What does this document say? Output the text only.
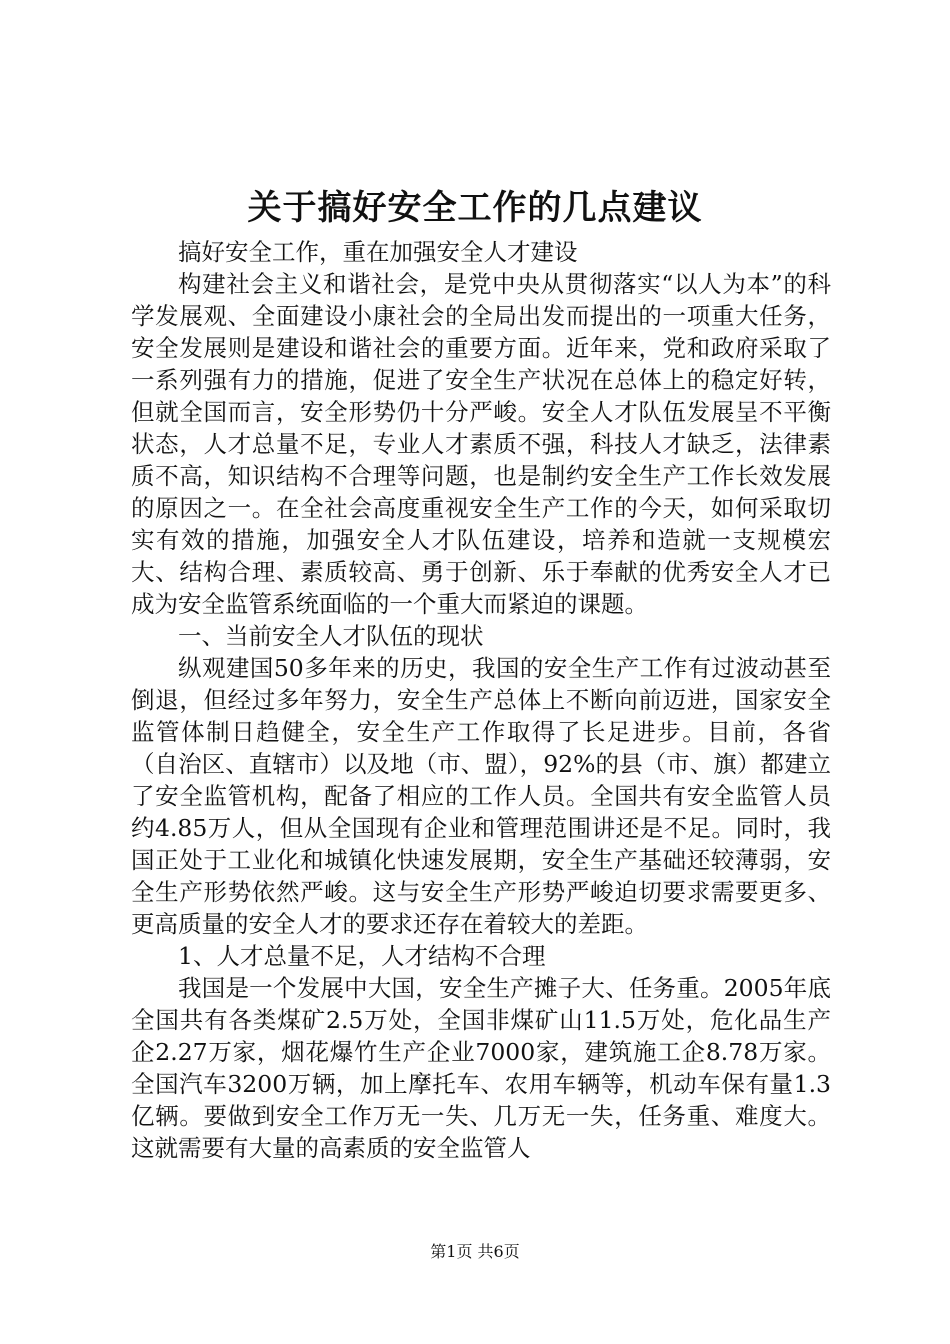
关于搞好安全工作的几点建议

搞好安全工作，重在加强安全人才建设

构建社会主义和谐社会，是党中央从贯彻落实“以人为本”的科学发展观、全面建设小康社会的全局出发而提出的一项重大任务，安全发展则是建设和谐社会的重要方面。近年来，党和政府采取了一系列强有力的措施，促进了安全生产状况在总体上的稳定好转，但就全国而言，安全形势仍十分严峻。安全人才队伍发展呈不平衡状态，人才总量不足，专业人才素质不强，科技人才缺乏，法律素质不高，知识结构不合理等问题，也是制约安全生产工作长效发展的原因之一。在全社会高度重视安全生产工作的今天，如何采取切实有效的措施，加强安全人才队伍建设，培养和造就一支规模宏大、结构合理、素质较高、勇于创新、乐于奉献的优秀安全人才已成为安全监管系统面临的一个重大而紧迫的课题。

一、当前安全人才队伍的现状

纵观建国50多年来的历史，我国的安全生产工作有过波动甚至倒退，但经过多年努力，安全生产总体上不断向前迈进，国家安全监管体制日趋健全，安全生产工作取得了长足进步。目前，各省（自治区、直辖市）以及地（市、盟），92%的县（市、旗）都建立了安全监管机构，配备了相应的工作人员。全国共有安全监管人员约4.85万人，但从全国现有企业和管理范围讲还是不足。同时，我国正处于工业化和城镇化快速发展期，安全生产基础还较薄弱，安全生产形势依然严峻。这与安全生产形势严峻迫切要求需要更多、更高质量的安全人才的要求还存在着较大的差距。

1、人才总量不足，人才结构不合理

我国是一个发展中大国，安全生产摊子大、任务重。2005年底全国共有各类煤矿2.5万处，全国非煤矿山11.5万处，危化品生产企2.27万家，烟花爆竹生产企业7000家，建筑施工企8.78万家。全国汽车3200万辆，加上摩托车、农用车辆等，机动车保有量1.3亿辆。要做到安全工作万无一失、几万无一失，任务重、难度大。这就需要有大量的高素质的安全监管人

第1页 共6页
